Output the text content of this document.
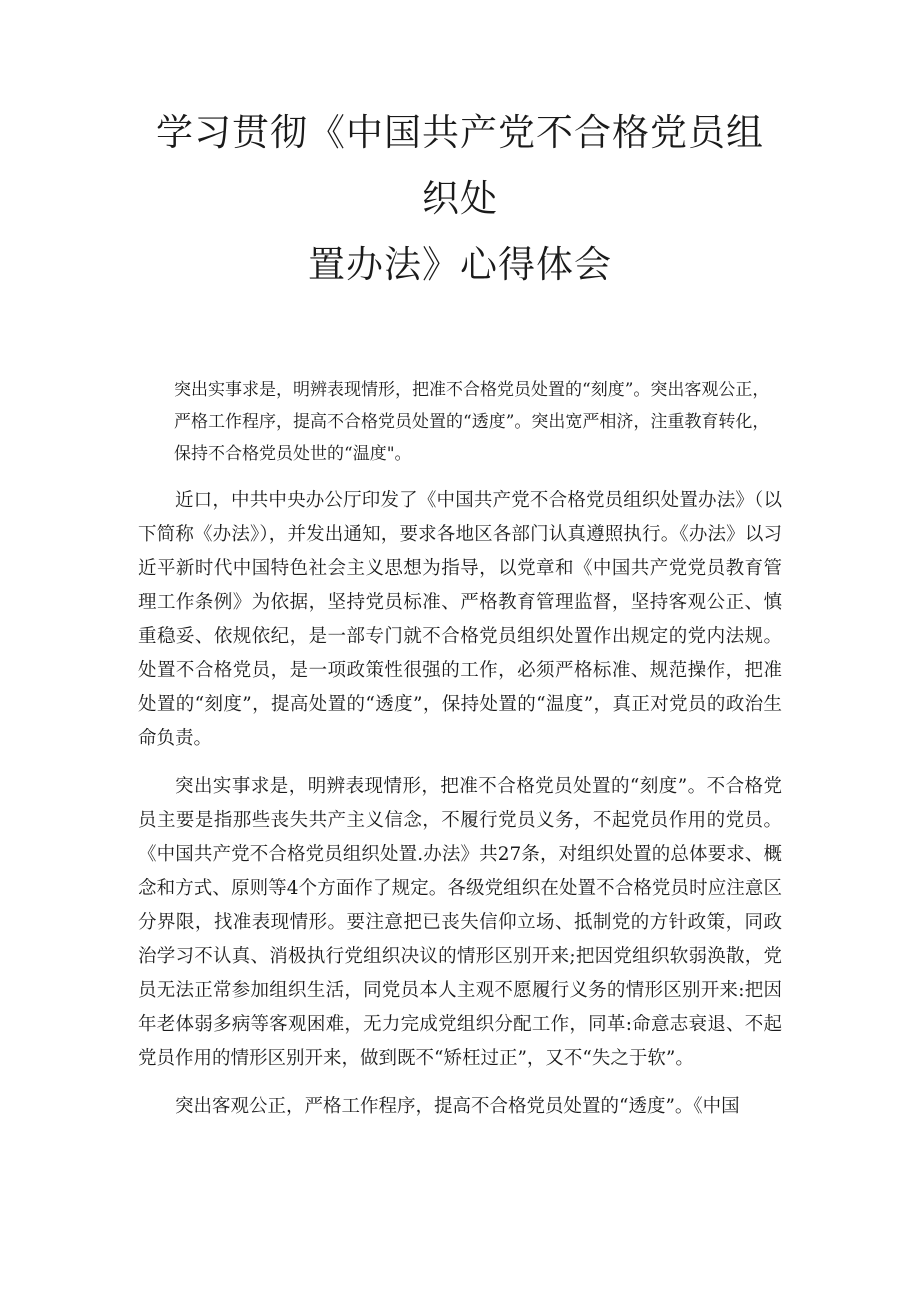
学习贯彻《中国共产党不合格党员组织处
置办法》心得体会

突出实事求是，明辨表现情形，把准不合格党员处置的“刻度”。突出客观公正，

严格工作程序，提高不合格党员处置的“透度”。突出宽严相济，注重教育转化，

保持不合格党员处世的“温度"。

近口，中共中央办公厅印发了《中国共产党不合格党员组织处置办法》（以下简称《办法》），并发出通知，要求各地区各部门认真遵照执行。《办法》以习近平新时代中国特色社会主义思想为指导，以党章和《中国共产党党员教育管理工作条例》为依据，坚持党员标准、严格教育管理监督，坚持客观公正、慎重稳妥、依规依纪，是一部专门就不合格党员组织处置作出规定的党内法规。处置不合格党员，是一项政策性很强的工作，必须严格标准、规范操作，把准处置的“刻度”，提高处置的“透度”，保持处置的“温度”，真正对党员的政治生命负责。

突出实事求是，明辨表现情形，把准不合格党员处置的“刻度”。不合格党员主要是指那些丧失共产主义信念，不履行党员义务，不起党员作用的党员。《中国共产党不合格党员组织处置.办法》共27条，对组织处置的总体要求、概念和方式、原则等4个方面作了规定。各级党组织在处置不合格党员时应注意区分界限，找准表现情形。要注意把已丧失信仰立场、抵制党的方针政策，同政治学习不认真、消极执行党组织决议的情形区别开来;把因党组织软弱涣散，党员无法正常参加组织生活，同党员本人主观不愿履行义务的情形区别开来:把因年老体弱多病等客观困难，无力完成党组织分配工作，同革:命意志衰退、不起党员作用的情形区别开来，做到既不“矫枉过正”，又不“失之于软”。

突出客观公正，严格工作程序，提高不合格党员处置的“透度”。《中国
